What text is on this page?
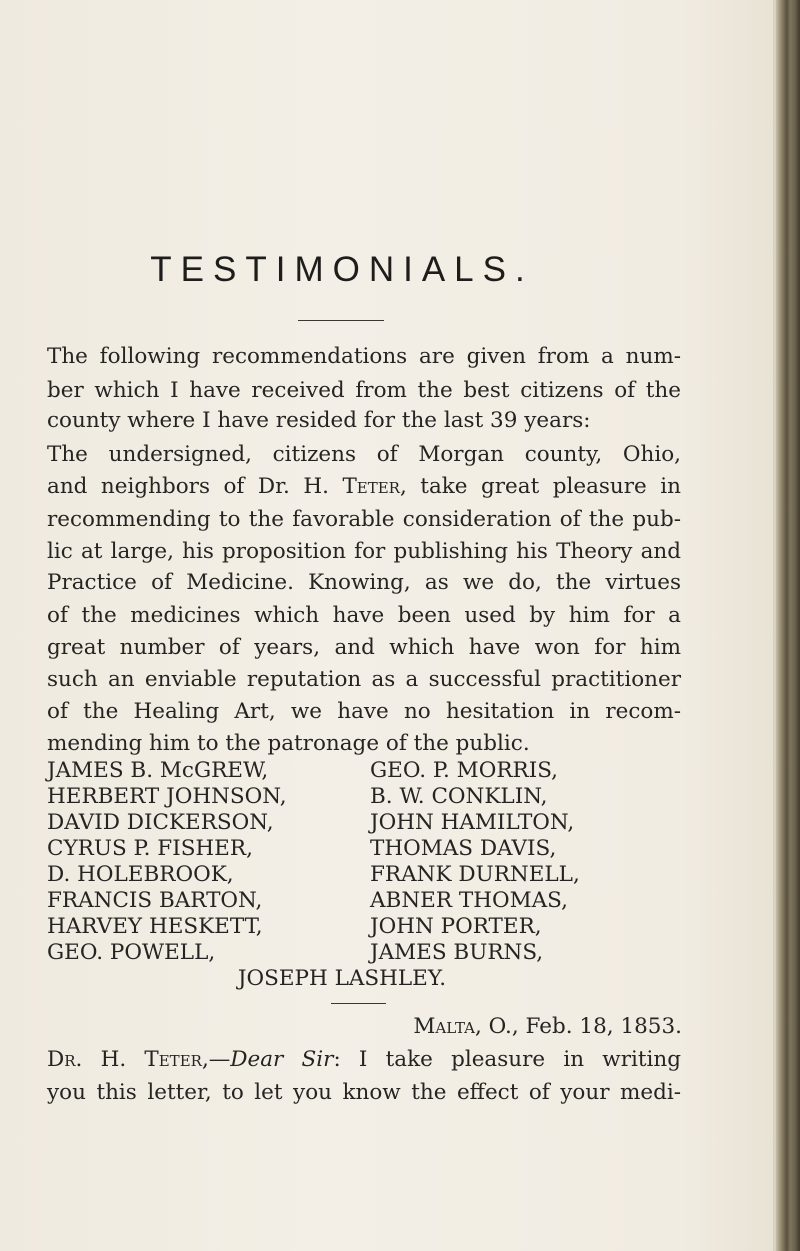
TESTIMONIALS.
The following recommendations are given from a num-
ber which I have received from the best citizens of the
county where I have resided for the last 39 years:
The undersigned, citizens of Morgan county, Ohio,
and neighbors of Dr. H. Teter, take great pleasure in
recommending to the favorable consideration of the pub-
lic at large, his proposition for publishing his Theory and
Practice of Medicine. Knowing, as we do, the virtues
of the medicines which have been used by him for a
great number of years, and which have won for him
such an enviable reputation as a successful practitioner
of the Healing Art, we have no hesitation in recom-
mending him to the patronage of the public.
JAMES B. McGREW,
HERBERT JOHNSON,
DAVID DICKERSON,
CYRUS P. FISHER,
D. HOLEBROOK,
FRANCIS BARTON,
HARVEY HESKETT,
GEO. POWELL,
GEO. P. MORRIS,
B. W. CONKLIN,
JOHN HAMILTON,
THOMAS DAVIS,
FRANK DURNELL,
ABNER THOMAS,
JOHN PORTER,
JAMES BURNS,
JOSEPH LASHLEY.
Malta, O., Feb. 18, 1853.
Dr. H. Teter,—Dear Sir: I take pleasure in writing
you this letter, to let you know the effect of your medi-
